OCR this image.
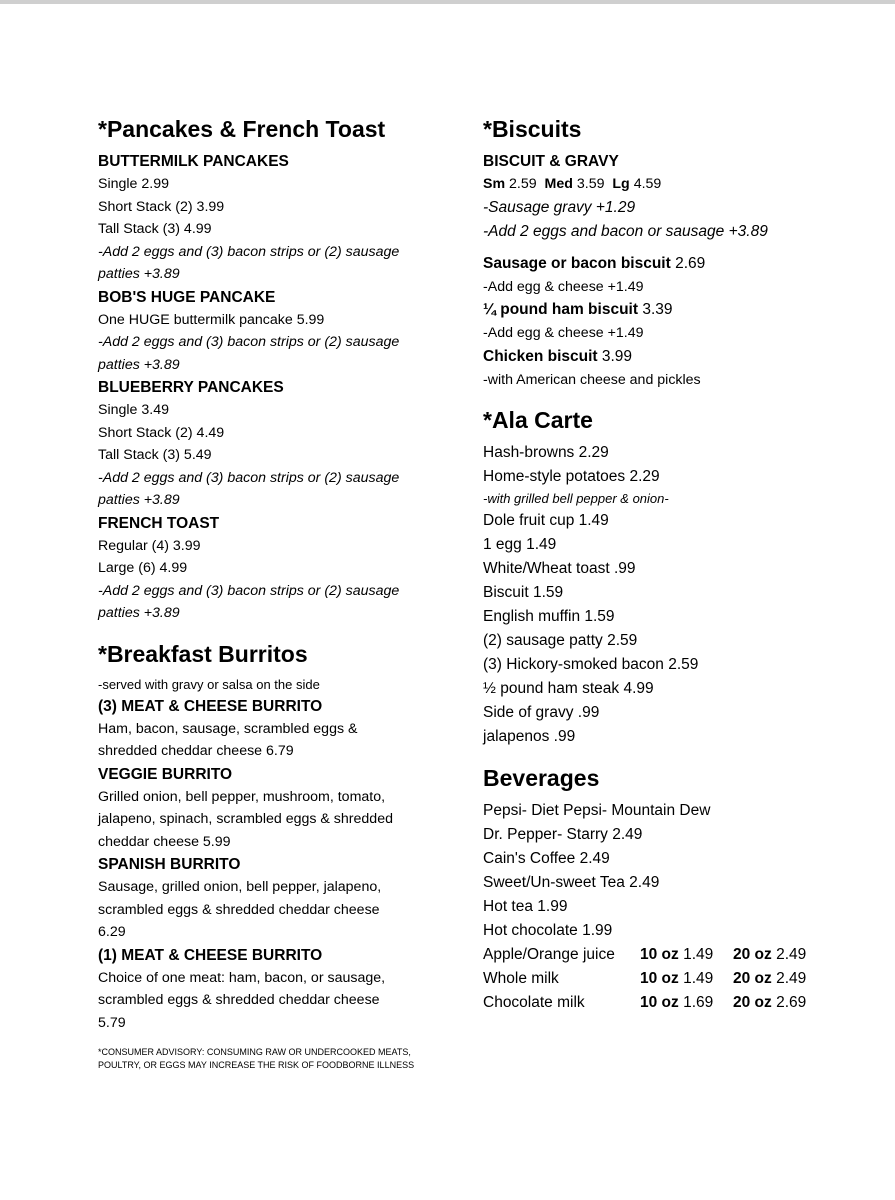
*Pancakes & French Toast
BUTTERMILK PANCAKES

Single 2.99

Short Stack (2) 3.99

Tall Stack (3) 4.99

-Add 2 eggs and (3) bacon strips or (2) sausage

patties +3.89

BOB'S HUGE PANCAKE

One HUGE buttermilk pancake 5.99

-Add 2 eggs and (3) bacon strips or (2) sausage

patties +3.89

BLUEBERRY PANCAKES

Single 3.49

Short Stack (2) 4.49

Tall Stack (3) 5.49

-Add 2 eggs and (3) bacon strips or (2) sausage

patties +3.89

FRENCH TOAST

Regular (4) 3.99

Large (6) 4.99

-Add 2 eggs and (3) bacon strips or (2) sausage

patties +3.89

*Breakfast Burritos

-served with gravy or salsa on the side

(3) MEAT & CHEESE BURRITO

Ham, bacon, sausage, scrambled eggs &

shredded cheddar cheese 6.79

VEGGIE BURRITO

Grilled onion, bell pepper, mushroom, tomato,

jalapeno, spinach, scrambled eggs & shredded

cheddar cheese 5.99

SPANISH BURRITO

Sausage, grilled onion, bell pepper, jalapeno,

scrambled eggs & shredded cheddar cheese

6.29

(1) MEAT & CHEESE BURRITO

Choice of one meat: ham, bacon, or sausage,

scrambled eggs & shredded cheddar cheese

5.79

*CONSUMER ADVISORY: CONSUMING RAW OR UNDERCOOKED MEATS,
POULTRY, OR EGGS MAY INCREASE THE RISK OF FOODBORNE ILLNESS
*Biscuits
BISCUIT & GRAVY

Sm 2.59 Med 3.59 Lg 4.59

-Sausage gravy +1.29

-Add 2 eggs and bacon or sausage +3.89

Sausage or bacon biscuit 2.69

-Add egg & cheese +1.49

¼ pound ham biscuit 3.39

-Add egg & cheese +1.49

Chicken biscuit 3.99

-with American cheese and pickles

*Ala Carte

Hash-browns 2.29

Home-style potatoes 2.29

-with grilled bell pepper & onion-

Dole fruit cup 1.49

1 egg 1.49

White/Wheat toast .99

Biscuit 1.59

English muffin 1.59

(2) sausage patty 2.59

(3) Hickory-smoked bacon 2.59

½ pound ham steak 4.99

Side of gravy .99

jalapenos .99

Beverages

Pepsi- Diet Pepsi- Mountain Dew

Dr. Pepper- Starry 2.49

Cain's Coffee 2.49

Sweet/Un-sweet Tea 2.49

Hot tea 1.99

Hot chocolate 1.99

Apple/Orange juice	10 oz 1.49	20 oz 2.49
Whole milk	10 oz 1.49	20 oz 2.49
Chocolate milk	10 oz 1.69	20 oz 2.69
